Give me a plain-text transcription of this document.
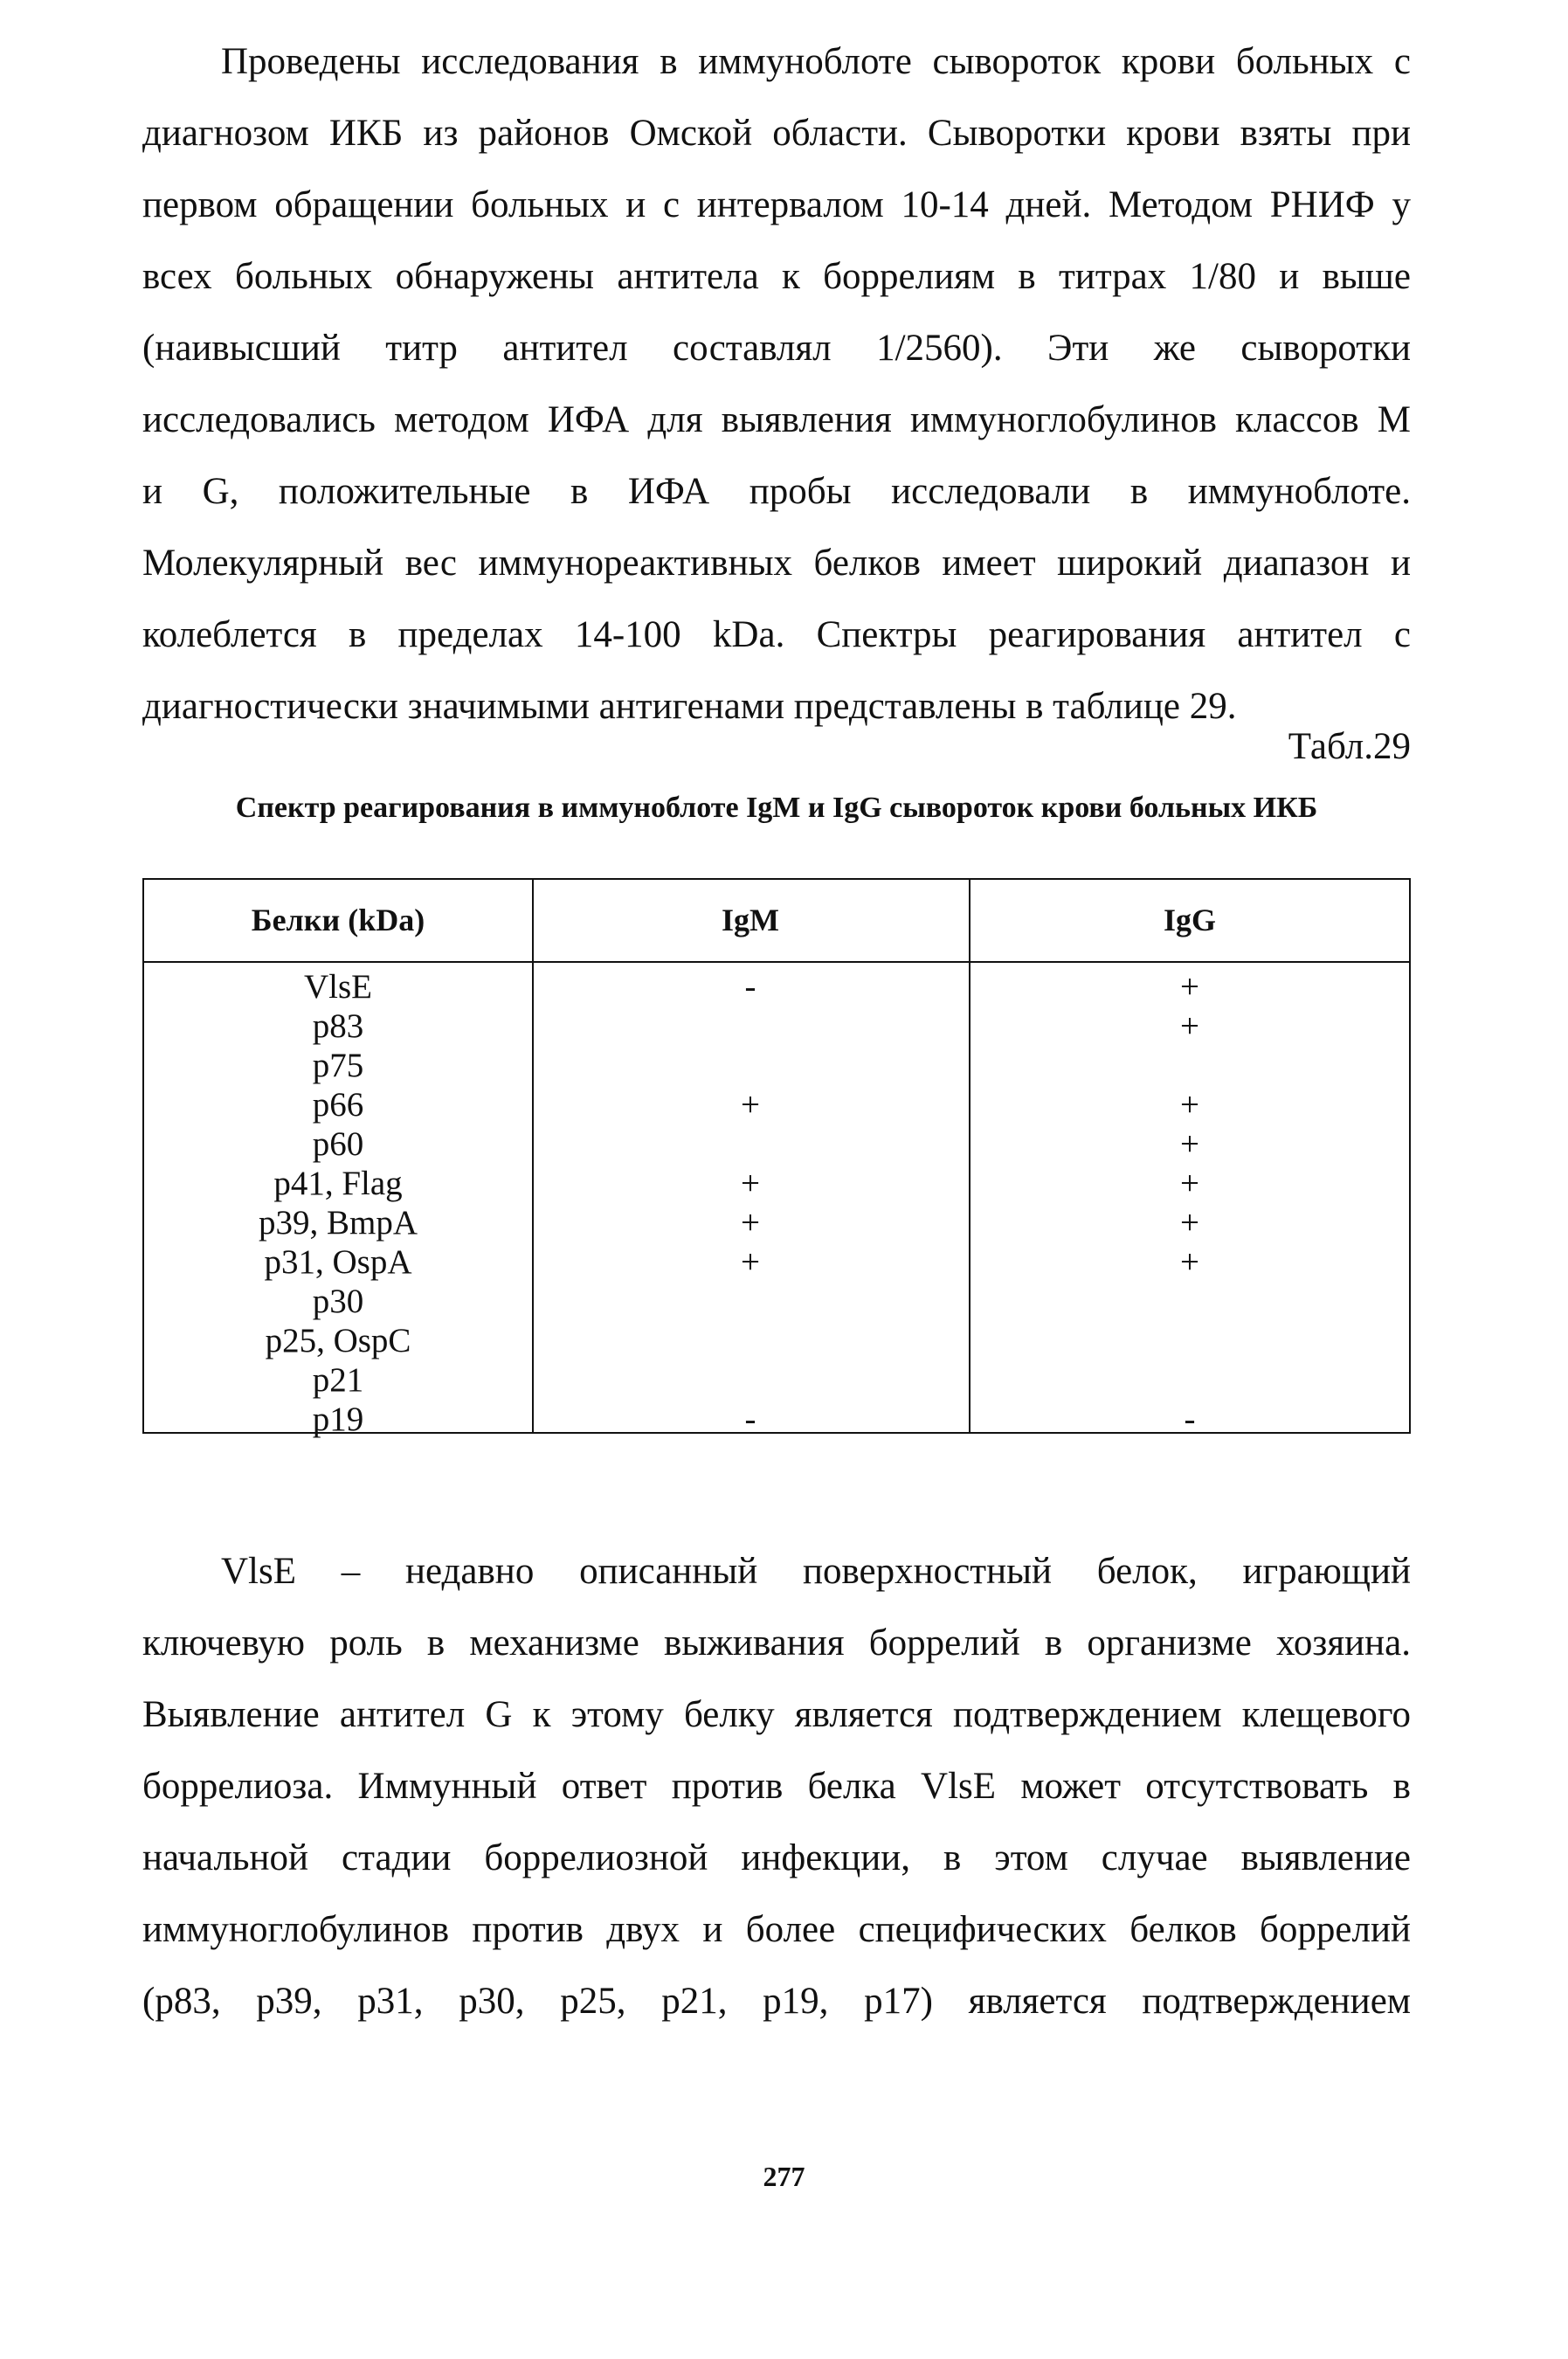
Проведены исследования в иммуноблоте сывороток крови больных с
диагнозом ИКБ из районов Омской области. Сыворотки крови взяты при
первом обращении больных и с интервалом 10-14 дней. Методом РНИФ у
всех больных обнаружены антитела к боррелиям в титрах 1/80 и выше
(наивысший титр антител составлял 1/2560). Эти же сыворотки
исследовались методом ИФА для выявления иммуноглобулинов классов М
и G, положительные в ИФА пробы исследовали в иммуноблоте.
Молекулярный вес иммунореактивных белков имеет широкий диапазон и
колеблется в пределах 14-100 kDa. Спектры реагирования антител с
диагностически значимыми антигенами представлены в таблице 29.
Табл.29
Спектр реагирования в иммуноблоте IgM и IgG сывороток крови больных ИКБ
Белки (kDa)	IgM	IgG
VlsE
p83
p75
p66
p60
p41, Flag
p39, BmpA
p31, OspA
p30
p25, OspC
p21
p19
-
+
+
+
+
-
+
+
+
+
+
+
+
-
VlsE – недавно описанный поверхностный белок, играющий
ключевую роль в механизме выживания боррелий в организме хозяина.
Выявление антител G к этому белку является подтверждением клещевого
боррелиоза. Иммунный ответ против белка VlsE может отсутствовать в
начальной стадии боррелиозной инфекции, в этом случае выявление
иммуноглобулинов против двух и более специфических белков боррелий
(p83, p39, p31, p30, p25, p21, p19, p17) является подтверждением
277
